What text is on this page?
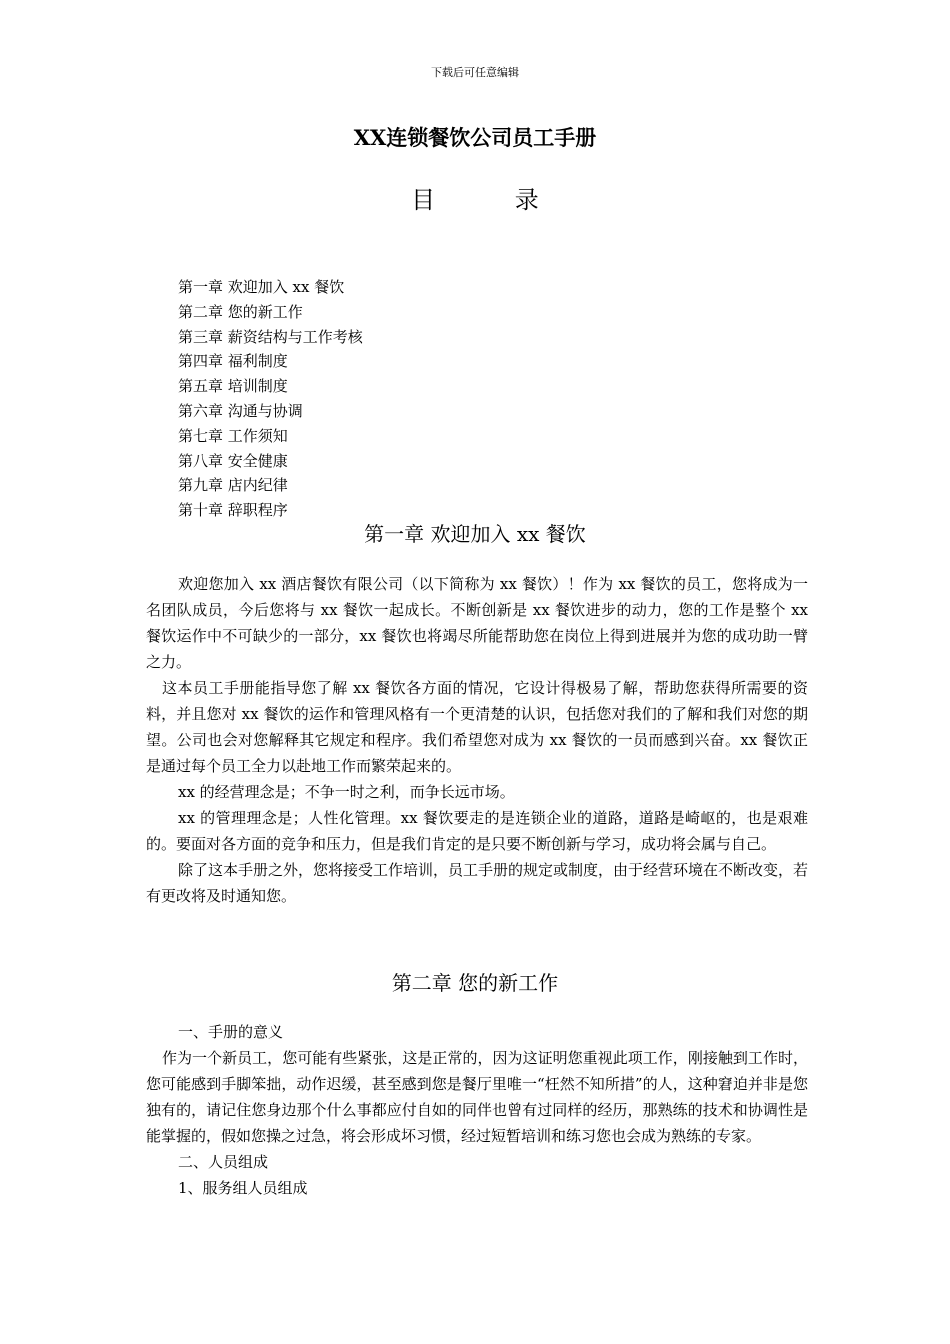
下载后可任意编辑
XX连锁餐饮公司员工手册
目 录
第一章 欢迎加入 xx 餐饮
第二章 您的新工作
第三章 薪资结构与工作考核
第四章 福利制度
第五章 培训制度
第六章 沟通与协调
第七章 工作须知
第八章 安全健康
第九章 店内纪律
第十章 辞职程序
第一章 欢迎加入 xx 餐饮

欢迎您加入 xx 酒店餐饮有限公司（以下简称为 xx 餐饮）！作为 xx 餐饮的员工，您将成为一名团队成员，今后您将与 xx 餐饮一起成长。不断创新是 xx 餐饮进步的动力，您的工作是整个 xx 餐饮运作中不可缺少的一部分，xx 餐饮也将竭尽所能帮助您在岗位上得到进展并为您的成功助一臂之力。

这本员工手册能指导您了解 xx 餐饮各方面的情况，它设计得极易了解，帮助您获得所需要的资料，并且您对 xx 餐饮的运作和管理风格有一个更清楚的认识，包括您对我们的了解和我们对您的期望。公司也会对您解释其它规定和程序。我们希望您对成为 xx 餐饮的一员而感到兴奋。xx 餐饮正是通过每个员工全力以赴地工作而繁荣起来的。

xx 的经营理念是；不争一时之利，而争长远市场。

xx 的管理理念是；人性化管理。xx 餐饮要走的是连锁企业的道路，道路是崎岖的，也是艰难的。要面对各方面的竞争和压力，但是我们肯定的是只要不断创新与学习，成功将会属与自己。

除了这本手册之外，您将接受工作培训，员工手册的规定或制度，由于经营环境在不断改变，若有更改将及时通知您。

第二章 您的新工作

一、手册的意义

作为一个新员工，您可能有些紧张，这是正常的，因为这证明您重视此项工作，刚接触到工作时，您可能感到手脚笨拙，动作迟缓，甚至感到您是餐厅里唯一“枉然不知所措”的人，这种窘迫并非是您独有的，请记住您身边那个什么事都应付自如的同伴也曾有过同样的经历，那熟练的技术和协调性是能掌握的，假如您操之过急，将会形成坏习惯，经过短暂培训和练习您也会成为熟练的专家。

二、人员组成

1、服务组人员组成
